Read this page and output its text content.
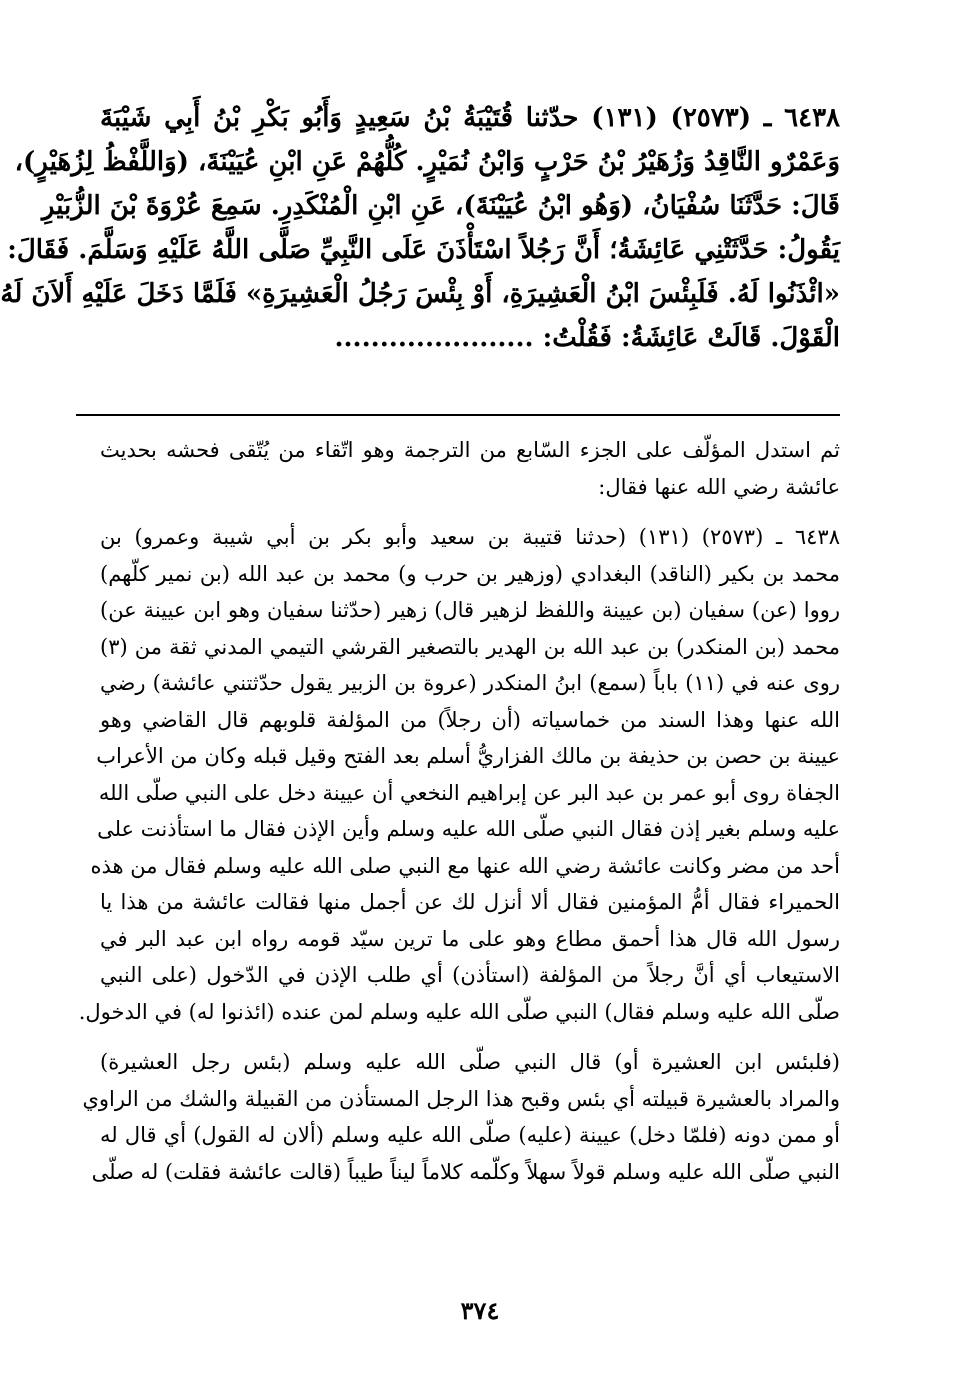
٦٤٣٨ ـ (٢٥٧٣) (١٣١) حدّثنا قُتَيْبَةُ بْنُ سَعِيدٍ وَأَبُو بَكْرِ بْنُ أَبِي شَيْبَةَ
وَعَمْرٌو النَّاقِدُ وَزُهَيْرُ بْنُ حَرْبٍ وَابْنُ نُمَيْرٍ. كُلُّهُمْ عَنِ ابْنِ عُيَيْنَةَ، (وَاللَّفْظُ لِزُهَيْرٍ)،
قَالَ: حَدَّثَنَا سُفْيَانُ، (وَهُو ابْنُ عُيَيْنَةَ)، عَنِ ابْنِ الْمُنْكَدِرِ. سَمِعَ عُرْوَةَ بْنَ الزُّبَيْرِ
يَقُولُ: حَدَّثَتْنِي عَائِشَةُ؛ أَنَّ رَجُلاً اسْتَأْذَنَ عَلَى النَّبِيِّ صَلَّى اللَّهُ عَلَيْهِ وَسَلَّمَ. فَقَالَ:
«ائْذَنُوا لَهُ. فَلَبِئْسَ ابْنُ الْعَشِيرَةِ، أَوْ بِئْسَ رَجُلُ الْعَشِيرَةِ» فَلَمَّا دَخَلَ عَلَيْهِ أَلاَنَ لَهُ
الْقَوْلَ. قَالَتْ عَائِشَةُ: فَقُلْتُ: ......................
ثم استدل المؤلّف على الجزء السّابع من الترجمة وهو اتّقاء من يُتّقى فحشه بحديث
عائشة رضي الله عنها فقال:
٦٤٣٨ ـ (٢٥٧٣) (١٣١) (حدثنا قتيبة بن سعيد وأبو بكر بن أبي شيبة وعمرو) بن
محمد بن بكير (الناقد) البغدادي (وزهير بن حرب و) محمد بن عبد الله (بن نمير كلّهم)
رووا (عن) سفيان (بن عيينة واللفظ لزهير قال) زهير (حدّثنا سفيان وهو ابن عيينة عن)
محمد (بن المنكدر) بن عبد الله بن الهدير بالتصغير القرشي التيمي المدني ثقة من (٣)
روى عنه في (١١) باباً (سمع) ابنُ المنكدر (عروة بن الزبير يقول حدّثتني عائشة) رضي
الله عنها وهذا السند من خماسياته (أن رجلاً) من المؤلفة قلوبهم قال القاضي وهو
عيينة بن حصن بن حذيفة بن مالك الفزاريُّ أسلم بعد الفتح وقيل قبله وكان من الأعراب
الجفاة روى أبو عمر بن عبد البر عن إبراهيم النخعي أن عيينة دخل على النبي صلّى الله
عليه وسلم بغير إذن فقال النبي صلّى الله عليه وسلم وأين الإذن فقال ما استأذنت على
أحد من مضر وكانت عائشة رضي الله عنها مع النبي صلى الله عليه وسلم فقال من هذه
الحميراء فقال أمُّ المؤمنين فقال ألا أنزل لك عن أجمل منها فقالت عائشة من هذا يا
رسول الله قال هذا أحمق مطاع وهو على ما ترين سيّد قومه رواه ابن عبد البر في
الاستيعاب أي أنَّ رجلاً من المؤلفة (استأذن) أي طلب الإذن في الدّخول (على النبي
صلّى الله عليه وسلم فقال) النبي صلّى الله عليه وسلم لمن عنده (ائذنوا له) في الدخول.
(فلبئس ابن العشيرة أو) قال النبي صلّى الله عليه وسلم (بئس رجل العشيرة)
والمراد بالعشيرة قبيلته أي بئس وقبح هذا الرجل المستأذن من القبيلة والشك من الراوي
أو ممن دونه (فلمّا دخل) عيينة (عليه) صلّى الله عليه وسلم (ألان له القول) أي قال له
النبي صلّى الله عليه وسلم قولاً سهلاً وكلّمه كلاماً ليناً طيباً (قالت عائشة فقلت) له صلّى
٣٧٤
